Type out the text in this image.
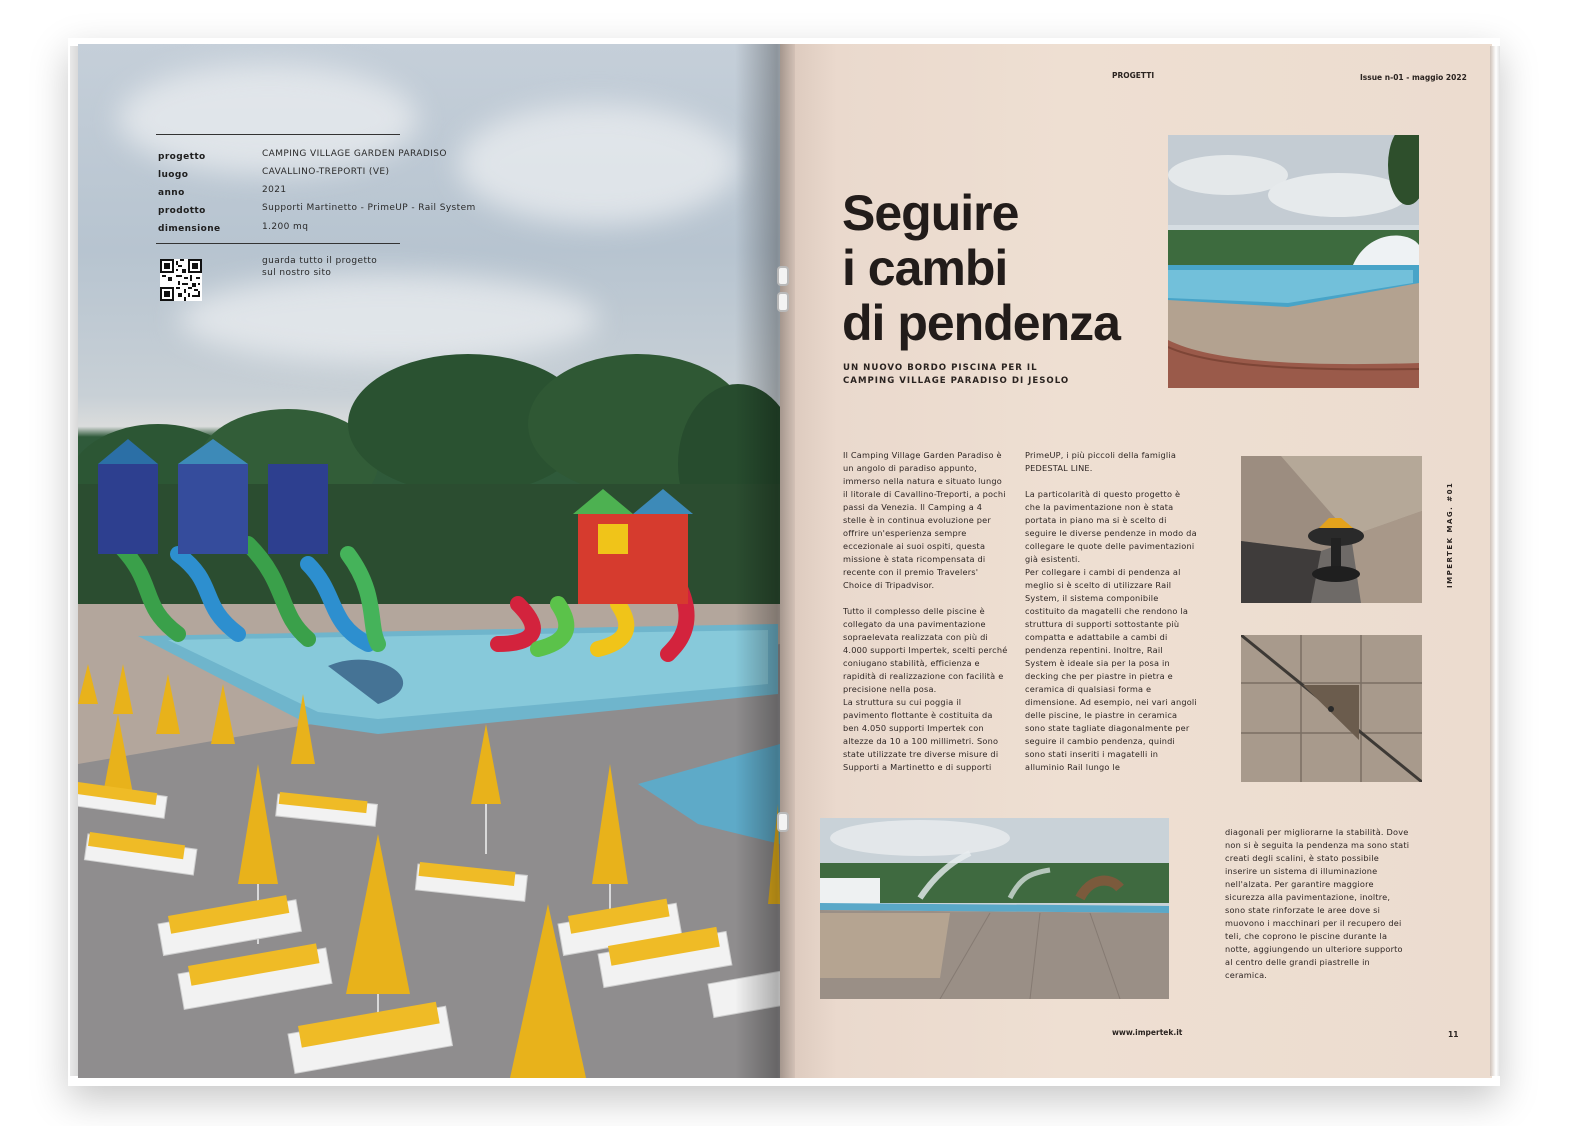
progetto	CAMPING VILLAGE GARDEN PARADISO
luogo	CAVALLINO-TREPORTI (VE)
anno	2021
prodotto	Supporti Martinetto - PrimeUP - Rail System
dimensione	1.200 mq
guarda tutto il progetto
sul nostro sito
PROGETTI	Issue n-01 - maggio 2022
Seguire
i cambi
di pendenza
UN NUOVO BORDO PISCINA PER IL CAMPING VILLAGE PARADISO DI JESOLO

Il Camping Village Garden Paradiso è un angolo di paradiso appunto, immerso nella natura e situato lungo il litorale di Cavallino-Treporti, a pochi passi da Venezia. Il Camping a 4 stelle è in continua evoluzione per offrire un'esperienza sempre eccezionale ai suoi ospiti, questa missione è stata ricompensata di recente con il premio Travelers' Choice di Tripadvisor.

Tutto il complesso delle piscine è collegato da una pavimentazione sopraelevata realizzata con più di 4.000 supporti Impertek, scelti perché coniugano stabilità, efficienza e rapidità di realizzazione con facilità e precisione nella posa.

La struttura su cui poggia il pavimento flottante è costituita da ben 4.050 supporti Impertek con altezze da 10 a 100 millimetri. Sono state utilizzate tre diverse misure di Supporti a Martinetto e di supporti

PrimeUP, i più piccoli della famiglia PEDESTAL LINE.

La particolarità di questo progetto è che la pavimentazione non è stata portata in piano ma si è scelto di seguire le diverse pendenze in modo da collegare le quote delle pavimentazioni già esistenti.

Per collegare i cambi di pendenza al meglio si è scelto di utilizzare Rail System, il sistema componibile costituito da magatelli che rendono la struttura di supporti sottostante più compatta e adattabile a cambi di pendenza repentini. Inoltre, Rail System è ideale sia per la posa in decking che per piastre in pietra e ceramica di qualsiasi forma e dimensione. Ad esempio, nei vari angoli delle piscine, le piastre in ceramica sono state tagliate diagonalmente per seguire il cambio pendenza, quindi sono stati inseriti i magatelli in alluminio Rail lungo le

diagonali per migliorarne la stabilità. Dove non si è seguita la pendenza ma sono stati creati degli scalini, è stato possibile inserire un sistema di illuminazione nell'alzata. Per garantire maggiore sicurezza alla pavimentazione, inoltre, sono state rinforzate le aree dove si muovono i macchinari per il recupero dei teli, che coprono le piscine durante la notte, aggiungendo un ulteriore supporto al centro delle grandi piastrelle in ceramica.

IMPERTEK MAG. #01
www.impertek.it	11
